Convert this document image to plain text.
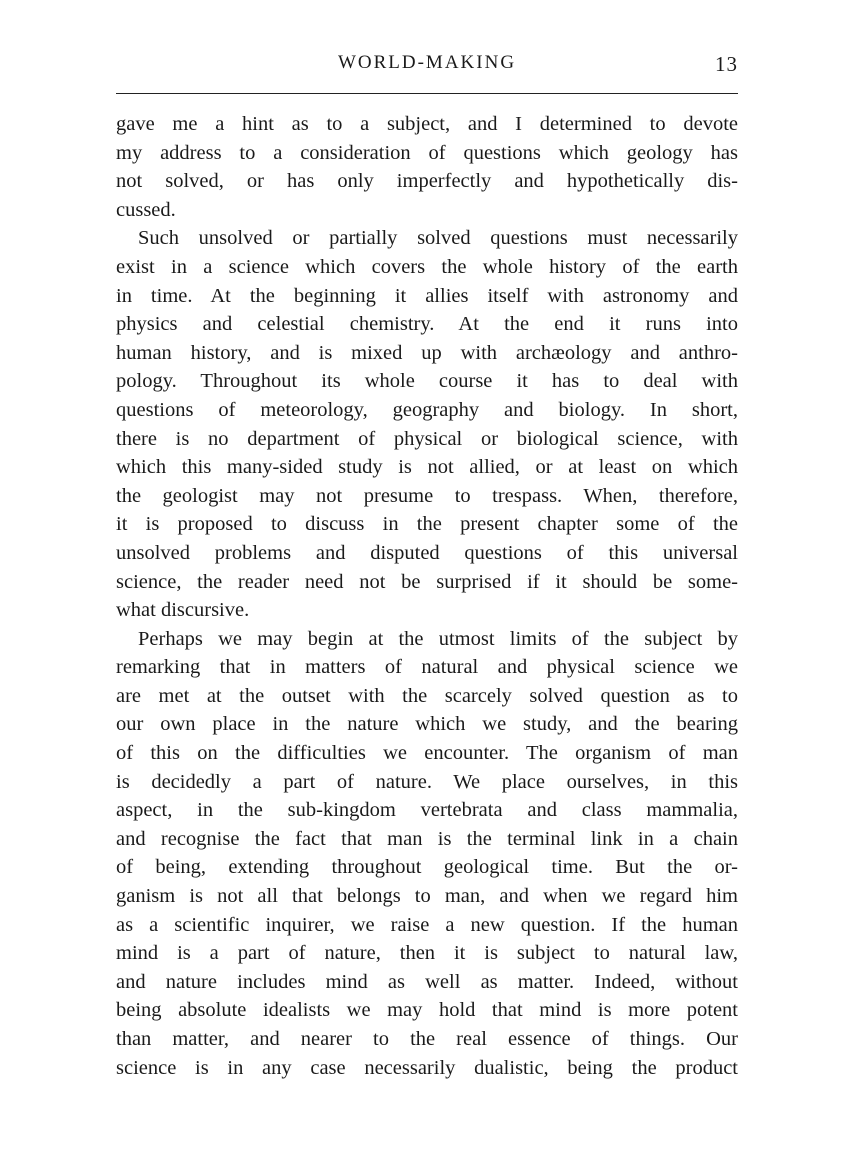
WORLD-MAKING	13
gave me a hint as to a subject, and I determined to devote
my address to a consideration of questions which geology has
not solved, or has only imperfectly and hypothetically dis-
cussed.
Such unsolved or partially solved questions must necessarily
exist in a science which covers the whole history of the earth
in time. At the beginning it allies itself with astronomy and
physics and celestial chemistry. At the end it runs into
human history, and is mixed up with archæology and anthro-
pology. Throughout its whole course it has to deal with
questions of meteorology, geography and biology. In short,
there is no department of physical or biological science, with
which this many-sided study is not allied, or at least on which
the geologist may not presume to trespass. When, therefore,
it is proposed to discuss in the present chapter some of the
unsolved problems and disputed questions of this universal
science, the reader need not be surprised if it should be some-
what discursive.
Perhaps we may begin at the utmost limits of the subject by
remarking that in matters of natural and physical science we
are met at the outset with the scarcely solved question as to
our own place in the nature which we study, and the bearing
of this on the difficulties we encounter. The organism of man
is decidedly a part of nature. We place ourselves, in this
aspect, in the sub-kingdom vertebrata and class mammalia,
and recognise the fact that man is the terminal link in a chain
of being, extending throughout geological time. But the or-
ganism is not all that belongs to man, and when we regard him
as a scientific inquirer, we raise a new question. If the human
mind is a part of nature, then it is subject to natural law,
and nature includes mind as well as matter. Indeed, without
being absolute idealists we may hold that mind is more potent
than matter, and nearer to the real essence of things. Our
science is in any case necessarily dualistic, being the product
